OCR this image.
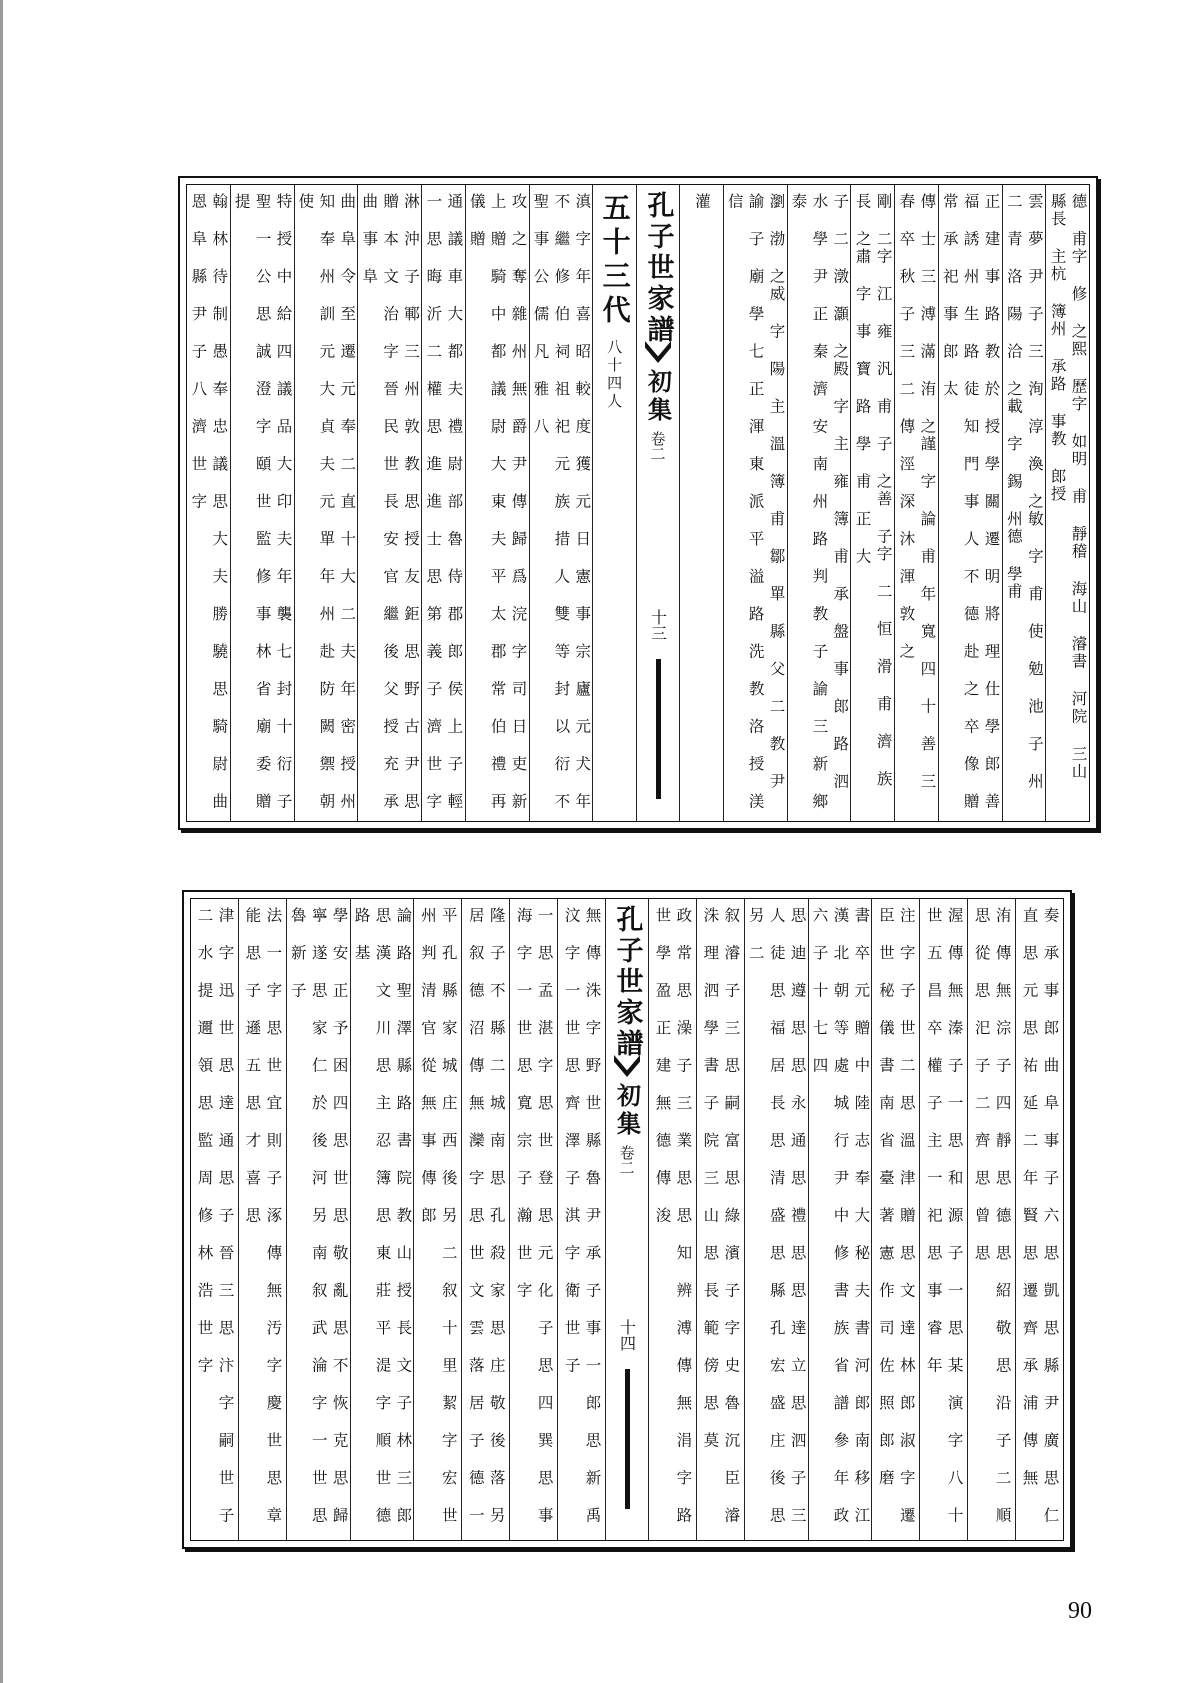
德 甫字 修 之熙 歷字 如明 甫 靜稽 海山 濬書 河院 三山 縣長 主杭 簿州 承路 事教 郎授
雲 夢 尹 子 三 洵 淳 渙 之敏 字 甫 使 勉 池 子 州 二 青 洛 陽 洽 之載 字 錫 州德 學甫
正 建 事 路 教 於 授 學 關 遷 明 將 理 仕 學 郎 善 福 誘 州 生 路 徒 知 門 事 人 不 德 赴 之 卒 像 贈 常 承 祀 事 郎 太
傳 士 三 溥 滿 洧 之謹 字 論 甫 年 寬 四 十 善 三 春 卒 秋 子 三 二 傳 涇 深 沐 渾 敦 之
剛 二字 江 雍 汎 甫 子 之善 子字 二 恒 滑 甫 濟 族 長 之肅 字 事 寶 路 學 甫 正 大
子 二 潡 灝 之殿 字 主 雍 簿 甫 承 盤 事 郎 路 泗 水 學 尹 正 秦 濟 安 南 州 路 判 教 子 諭 三 新 鄉 泰
瀏 渤 之威 字 陽 主 溫 簿 甫 鄒 單 縣 父 二 教 尹 諭 子 廟 學 七 正 渾 東 派 平 溢 路 洗 教 洛 授 渼 信
灌
孔子世家譜
初集
卷二
十三
五十三代
八十四人
滇 字 年 喜 昭 較 度 獲 元 日 憲 事 宗 廬 元 犬 年 不 繼 修 伯 祠 祖 祀 元 族 措 人 雙 等 封 以 衍 不 聖 事 公 儒 凡 雅 八
攻 之 奪 雜 州 無 爵 尹 傳 歸 爲 浣 字 司 日 吏 新 上 贈 騎 中 都 議 尉 大 東 夫 平 太 郡 常 伯 禮 再 儀 贈
通 議 車 大 都 夫 禮 尉 部 魯 侍 郡 郎 侯 上 子 輕 一 思 晦 沂 二 權 思 進 進 士 思 第 義 子 濟 世 字
淋 沖 子 鄆 三 州 敦 教 思 授 友 鉅 思 野 古 尹 思 贈 本 文 治 字 晉 民 世 長 安 官 繼 後 父 授 充 承 曲 事 阜
曲 阜 令 至 遷 元 奉 二 直 十 大 二 夫 年 密 授 州 知 奉 州 訓 元 大 貞 夫 元 單 年 州 赴 防 闕 禦 朝 使
特 授 中 給 四 議 品 大 印 夫 年 襲 七 封 十 衍 子 聖 一 公 思 誠 澄 字 頤 世 監 修 事 林 省 廟 委 贈 提
翰 林 待 制 愚 奉 忠 議 思 大 夫 勝 驍 思 騎 尉 曲 恩 阜 縣 尹 子 八 濟 世 字
奏 承 事 郎 曲 阜 事 子 六 思 凱 思 縣 尹 廣 思 仁 直 思 元 思 祐 延 二 年 賢 思 遷 齊 承 浦 傳 無
洧 傳 無 淙 子 四 靜 思 德 思 紹 敬 思 沿 子 二 順 思 從 思 汜 子 二 齊 思 曾 思
渥 傳 無 溱 子 一 思 和 源 子 一 思 某 演 字 八 十 世 五 昌 卒 權 子 主 一 祀 思 事 睿 年
注 字 子 世 二 思 溫 津 贈 思 文 達 林 郎 淑 字 遷 臣 世 秘 儀 書 南 省 臺 著 憲 作 司 佐 照 郎 磨
書 卒 元 贈 中 陸 志 奉 大 秘 夫 書 河 郎 南 移 江 漢 北 朝 等 處 城 行 尹 中 修 書 族 省 譜 參 年 政 六 子 十 七 四
思 迪 遵 思 思 永 通 思 禮 思 思 達 立 思 泗 子 三 人 徒 思 福 居 長 思 清 盛 思 縣 孔 宏 盛 庄 後 思 另 二
叙 濬 子 三 思 嗣 富 思 綠 濱 子 字 史 魯 沉 臣 濬 洙 理 泗 學 書 子 院 三 山 思 長 範 傍 思 莫
政 常 思 澡 子 三 業 思 思 知 辨 溥 傳 無 涓 字 路 世 學 盈 正 建 無 德 傳 浚
孔子世家譜
初集
卷二
十四
無 傳 洙 字 野 世 縣 魯 尹 承 子 事 一 郎 思 新 禹 汶 字 一 世 思 齊 澤 子 淇 字 衛 世 子
一 思 孟 湛 字 思 世 登 思 元 化 子 思 四 巽 思 事 海 字 一 世 思 寬 宗 子 瀚 世 字
隆 子 不 縣 二 城 南 思 孔 殺 家 思 庄 敬 後 落 另 居 叙 德 沼 傳 無 灤 字 思 世 文 雲 落 居 子 德 一
平 孔 縣 家 城 庄 西 後 另 二 叙 十 里 絜 字 宏 世 州 判 清 官 從 無 事 傳 郎
論 路 聖 澤 縣 路 書 院 教 山 授 長 文 子 林 三 郎 思 漢 文 川 思 主 忍 簿 思 東 莊 平 湜 字 順 世 德 路 基
學 安 正 予 困 四 思 世 思 敬 亂 思 不 恢 克 思 歸 寧 遂 思 家 仁 於 後 河 另 南 叙 武 淪 字 一 世 思 魯 新 子
法 一 字 思 世 宜 則 子 涿 傳 無 汚 字 慶 世 思 章 能 思 子 遜 五 思 才 喜 思
津 字 迅 世 思 達 通 思 子 晉 三 思 汴 字 嗣 世 子 二 水 提 邇 領 思 監 周 修 林 浩 世 字
90
